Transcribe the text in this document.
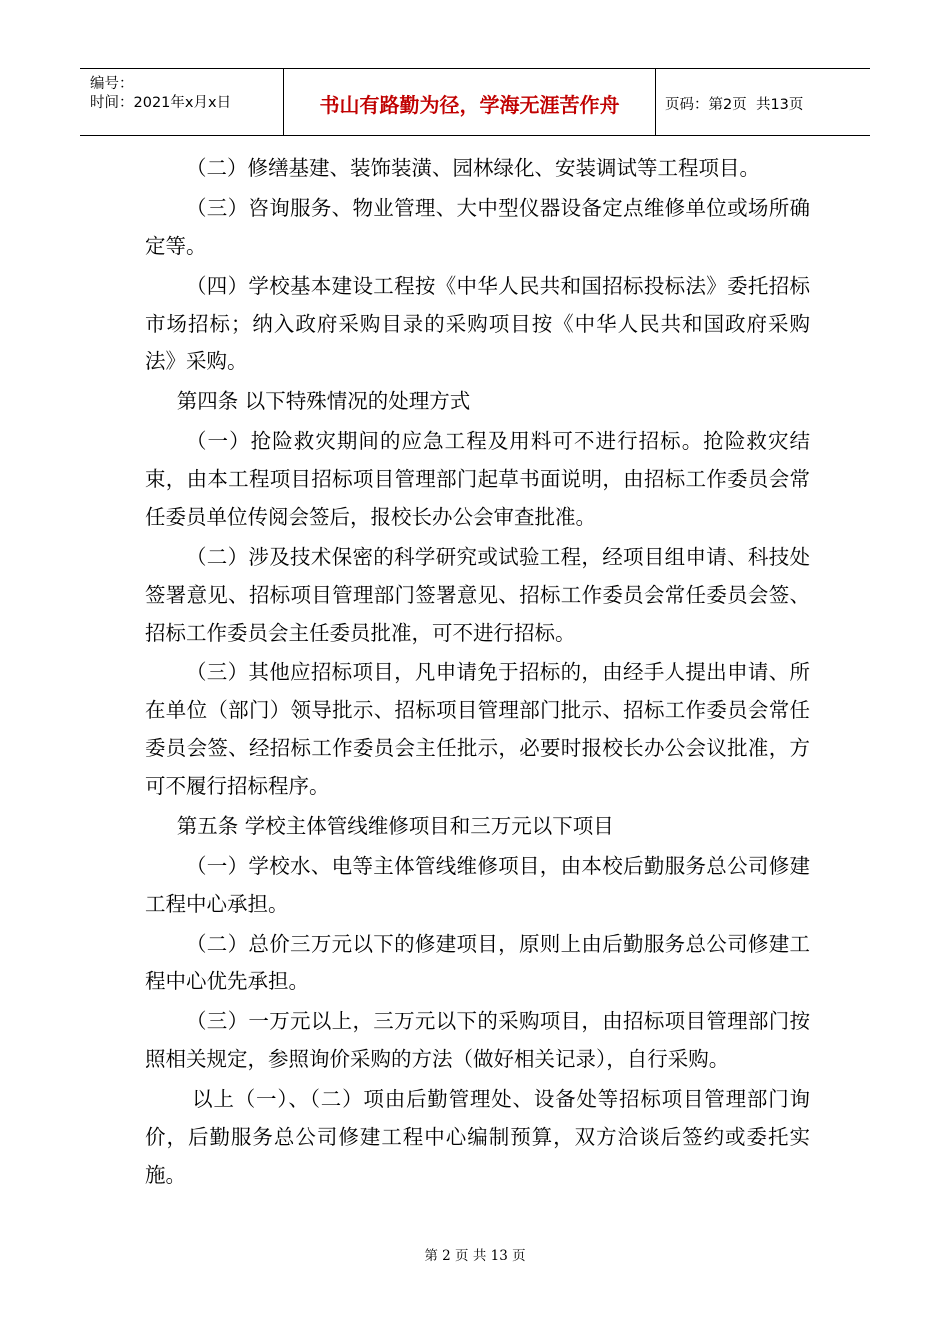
编号：
时间：2021年x月x日	书山有路勤为径，学海无涯苦作舟	页码：第2页  共13页

（二）修缮基建、装饰装潢、园林绿化、安装调试等工程项目。

（三）咨询服务、物业管理、大中型仪器设备定点维修单位或场所确定等。

（四）学校基本建设工程按《中华人民共和国招标投标法》委托招标市场招标；纳入政府采购目录的采购项目按《中华人民共和国政府采购法》采购。

第四条 以下特殊情况的处理方式

（一）抢险救灾期间的应急工程及用料可不进行招标。抢险救灾结束，由本工程项目招标项目管理部门起草书面说明，由招标工作委员会常任委员单位传阅会签后，报校长办公会审查批准。

（二）涉及技术保密的科学研究或试验工程，经项目组申请、科技处签署意见、招标项目管理部门签署意见、招标工作委员会常任委员会签、招标工作委员会主任委员批准，可不进行招标。

（三）其他应招标项目，凡申请免于招标的，由经手人提出申请、所在单位（部门）领导批示、招标项目管理部门批示、招标工作委员会常任委员会签、经招标工作委员会主任批示，必要时报校长办公会议批准，方可不履行招标程序。

第五条 学校主体管线维修项目和三万元以下项目

（一）学校水、电等主体管线维修项目，由本校后勤服务总公司修建工程中心承担。

（二）总价三万元以下的修建项目，原则上由后勤服务总公司修建工程中心优先承担。

（三）一万元以上，三万元以下的采购项目，由招标项目管理部门按照相关规定，参照询价采购的方法（做好相关记录），自行采购。

以上（一）、（二）项由后勤管理处、设备处等招标项目管理部门询价，后勤服务总公司修建工程中心编制预算，双方洽谈后签约或委托实施。

第 2 页 共 13 页
